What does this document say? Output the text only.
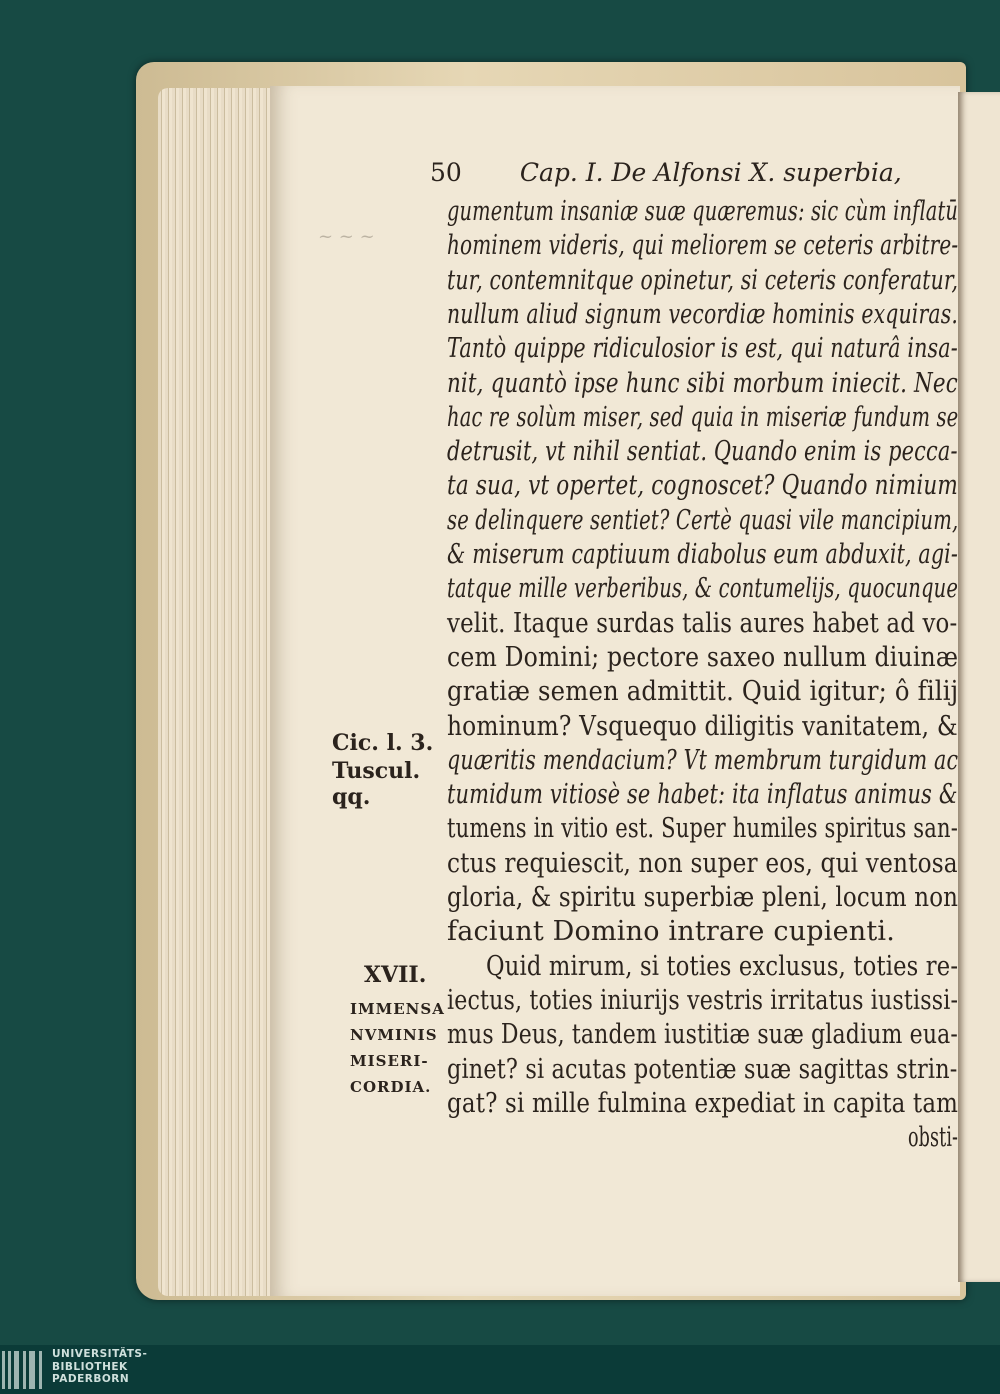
~ ~ ~
50 Cap. I. De Alfonsi X. superbia,
gumentum insaniæ suæ quæremus: sic cùm inflatū
hominem videris, qui meliorem se ceteris arbitre-
tur, contemnitque opinetur, si ceteris conferatur,
nullum aliud signum vecordiæ hominis exquiras.
Tantò quippe ridiculosior is est, qui naturâ insa-
nit, quantò ipse hunc sibi morbum iniecit. Nec
hac re solùm miser, sed quia in miseriæ fundum se
detrusit, vt nihil sentiat. Quando enim is pecca-
ta sua, vt opertet, cognoscet? Quando nimium
se delinquere sentiet? Certè quasi vile mancipium,
& miserum captiuum diabolus eum abduxit, agi-
tatque mille verberibus, & contumelijs, quocunque
velit. Itaque surdas talis aures habet ad vo-
cem Domini; pectore saxeo nullum diuinæ
gratiæ semen admittit. Quid igitur; ô filij
hominum? Vsquequo diligitis vanitatem, &
quæritis mendacium? Vt membrum turgidum ac
tumidum vitiosè se habet: ita inflatus animus &
tumens in vitio est. Super humiles spiritus san-
ctus requiescit, non super eos, qui ventosa
gloria, & spiritu superbiæ pleni, locum non
faciunt Domino intrare cupienti.
Quid mirum, si toties exclusus, toties re-
iectus, toties iniurijs vestris irritatus iustissi-
mus Deus, tandem iustitiæ suæ gladium eua-
ginet? si acutas potentiæ suæ sagittas strin-
gat? si mille fulmina expediat in capita tam
obsti-
Cic. l. 3.
Tuscul.
qq.
XVII.
IMMENSA
NVMINIS
MISERI-
CORDIA.
UNIVERSITÄTS-
BIBLIOTHEK
PADERBORN
